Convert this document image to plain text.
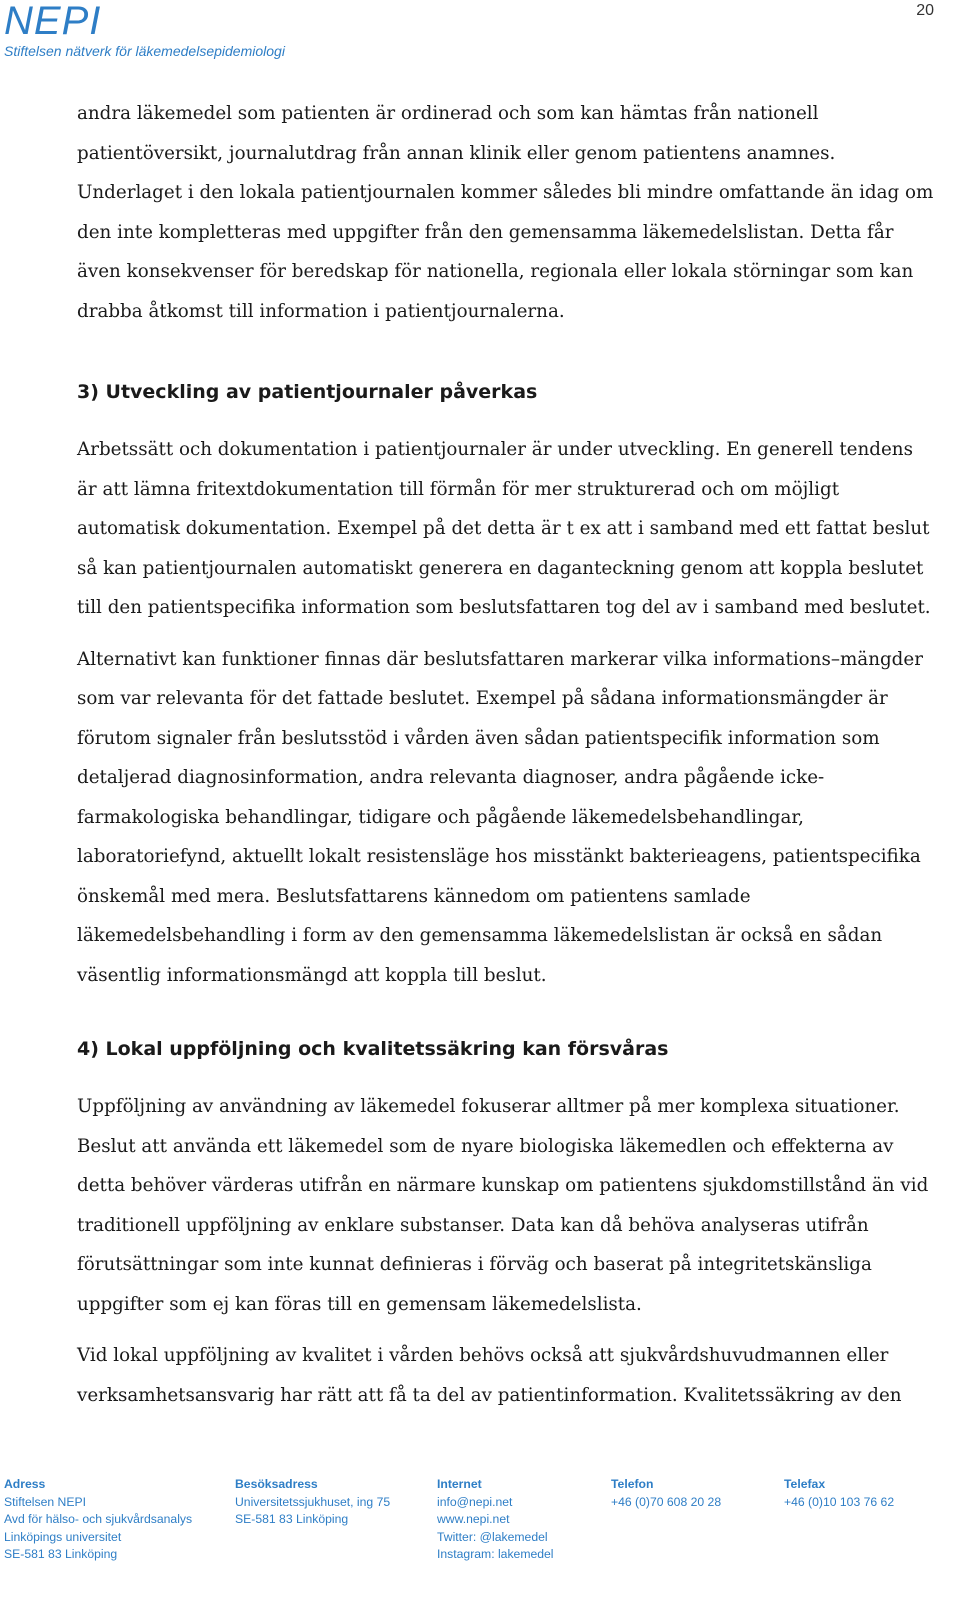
NEPI
Stiftelsen nätverk för läkemedelsepidemiologi
20

andra läkemedel som patienten är ordinerad och som kan hämtas från nationell patientöversikt, journalutdrag från annan klinik eller genom patientens anamnes. Underlaget i den lokala patientjournalen kommer således bli mindre omfattande än idag om den inte kompletteras med uppgifter från den gemensamma läkemedelslistan. Detta får även konsekvenser för beredskap för nationella, regionala eller lokala störningar som kan drabba åtkomst till information i patientjournalerna.

3) Utveckling av patientjournaler påverkas

Arbetssätt och dokumentation i patientjournaler är under utveckling. En generell tendens är att lämna fritextdokumentation till förmån för mer strukturerad och om möjligt automatisk dokumentation. Exempel på det detta är t ex att i samband med ett fattat beslut så kan patientjournalen automatiskt generera en daganteckning genom att koppla beslutet till den patientspecifika information som beslutsfattaren tog del av i samband med beslutet.

Alternativt kan funktioner finnas där beslutsfattaren markerar vilka informations–mängder som var relevanta för det fattade beslutet. Exempel på sådana informationsmängder är förutom signaler från beslutsstöd i vården även sådan patientspecifik information som detaljerad diagnosinformation, andra relevanta diagnoser, andra pågående icke-farmakologiska behandlingar, tidigare och pågående läkemedelsbehandlingar, laboratoriefynd, aktuellt lokalt resistensläge hos misstänkt bakterieagens, patientspecifika önskemål med mera. Beslutsfattarens kännedom om patientens samlade läkemedelsbehandling i form av den gemensamma läkemedelslistan är också en sådan väsentlig informationsmängd att koppla till beslut.

4) Lokal uppföljning och kvalitetssäkring kan försvåras

Uppföljning av användning av läkemedel fokuserar alltmer på mer komplexa situationer. Beslut att använda ett läkemedel som de nyare biologiska läkemedlen och effekterna av detta behöver värderas utifrån en närmare kunskap om patientens sjukdomstillstånd än vid traditionell uppföljning av enklare substanser. Data kan då behöva analyseras utifrån förutsättningar som inte kunnat definieras i förväg och baserat på integritetskänsliga uppgifter som ej kan föras till en gemensam läkemedelslista.

Vid lokal uppföljning av kvalitet i vården behövs också att sjukvårdshuvudmannen eller verksamhetsansvarig har rätt att få ta del av patientinformation. Kvalitetssäkring av den

Adress
Stiftelsen NEPI
Avd för hälso- och sjukvårdsanalys
Linköpings universitet
SE-581 83 Linköping
Besöksadress
Universitetssjukhuset, ing 75
SE-581 83 Linköping
Internet
info@nepi.net
www.nepi.net
Twitter: @lakemedel
Instagram: lakemedel
Telefon
+46 (0)70 608 20 28
Telefax
+46 (0)10 103 76 62
